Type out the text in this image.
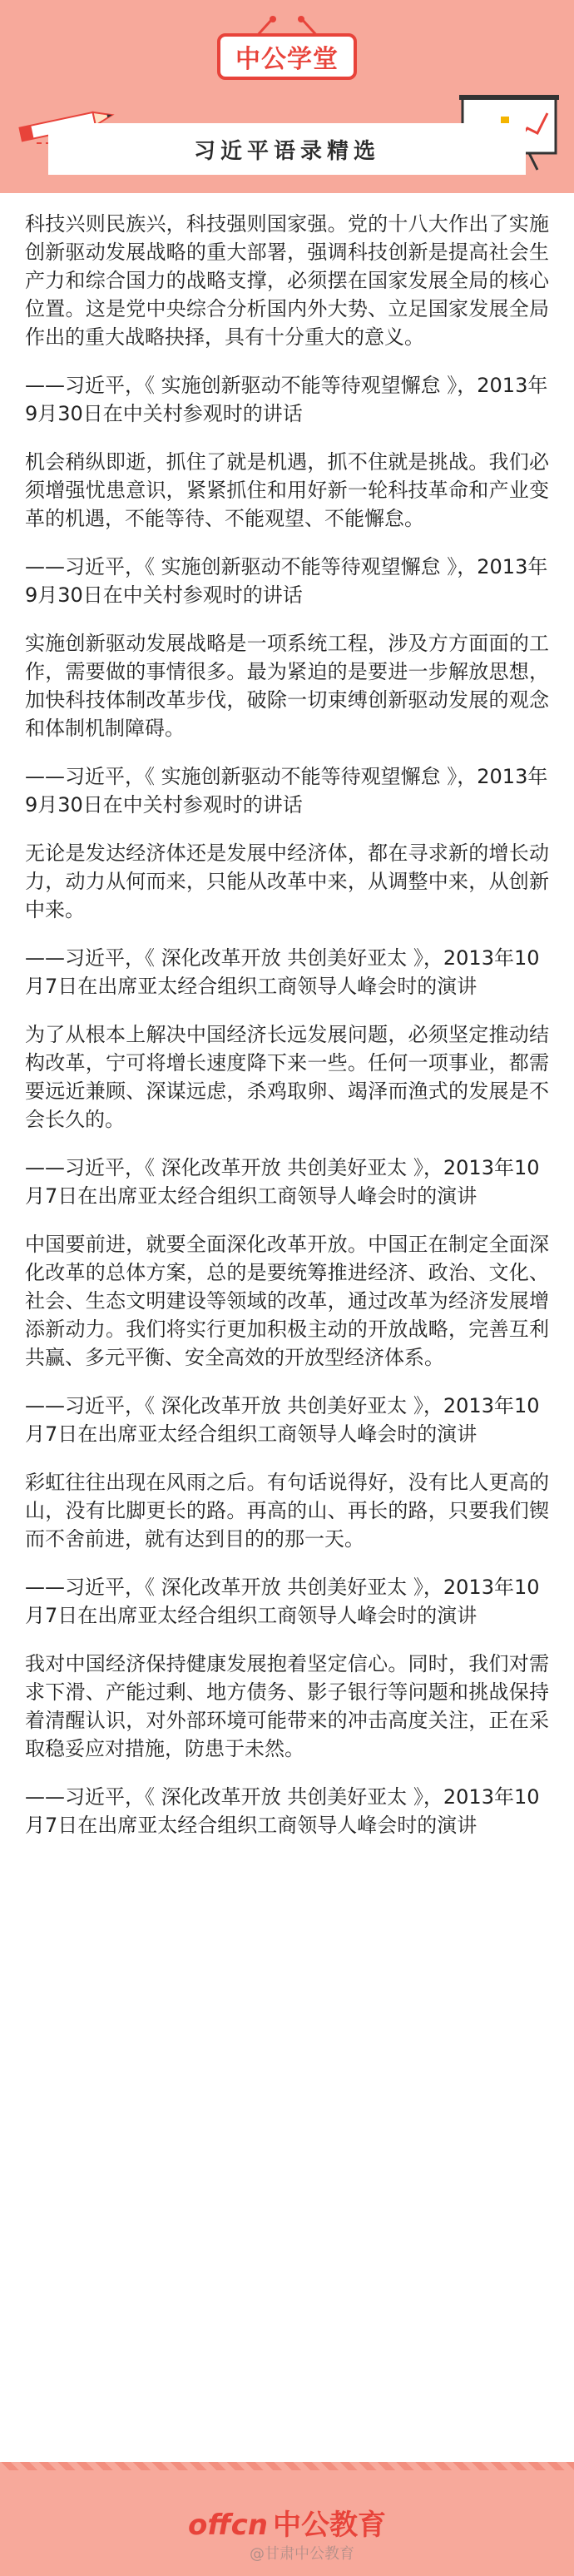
中公学堂
习近平语录精选

科技兴则民族兴，科技强则国家强。党的十八大作出了实施创新驱动发展战略的重大部署，强调科技创新是提高社会生产力和综合国力的战略支撑，必须摆在国家发展全局的核心位置。这是党中央综合分析国内外大势、立足国家发展全局作出的重大战略抉择，具有十分重大的意义。

——习近平，《 实施创新驱动不能等待观望懈怠 》，2013年9月30日在中关村参观时的讲话

机会稍纵即逝，抓住了就是机遇，抓不住就是挑战。我们必须增强忧患意识，紧紧抓住和用好新一轮科技革命和产业变革的机遇，不能等待、不能观望、不能懈怠。

——习近平，《 实施创新驱动不能等待观望懈怠 》，2013年9月30日在中关村参观时的讲话

实施创新驱动发展战略是一项系统工程，涉及方方面面的工作，需要做的事情很多。最为紧迫的是要进一步解放思想，加快科技体制改革步伐，破除一切束缚创新驱动发展的观念和体制机制障碍。

——习近平，《 实施创新驱动不能等待观望懈怠 》，2013年9月30日在中关村参观时的讲话

无论是发达经济体还是发展中经济体，都在寻求新的增长动力，动力从何而来，只能从改革中来，从调整中来，从创新中来。

——习近平，《 深化改革开放 共创美好亚太 》，2013年10月7日在出席亚太经合组织工商领导人峰会时的演讲

为了从根本上解决中国经济长远发展问题，必须坚定推动结构改革，宁可将增长速度降下来一些。任何一项事业，都需要远近兼顾、深谋远虑，杀鸡取卵、竭泽而渔式的发展是不会长久的。

——习近平，《 深化改革开放 共创美好亚太 》，2013年10月7日在出席亚太经合组织工商领导人峰会时的演讲

中国要前进，就要全面深化改革开放。中国正在制定全面深化改革的总体方案，总的是要统筹推进经济、政治、文化、社会、生态文明建设等领域的改革，通过改革为经济发展增添新动力。我们将实行更加积极主动的开放战略，完善互利共赢、多元平衡、安全高效的开放型经济体系。

——习近平，《 深化改革开放 共创美好亚太 》，2013年10月7日在出席亚太经合组织工商领导人峰会时的演讲

彩虹往往出现在风雨之后。有句话说得好，没有比人更高的山，没有比脚更长的路。再高的山、再长的路，只要我们锲而不舍前进，就有达到目的的那一天。

——习近平，《 深化改革开放 共创美好亚太 》，2013年10月7日在出席亚太经合组织工商领导人峰会时的演讲

我对中国经济保持健康发展抱着坚定信心。同时，我们对需求下滑、产能过剩、地方债务、影子银行等问题和挑战保持着清醒认识，对外部环境可能带来的冲击高度关注，正在采取稳妥应对措施，防患于未然。

——习近平，《 深化改革开放 共创美好亚太 》，2013年10月7日在出席亚太经合组织工商领导人峰会时的演讲

offcn 中公教育
@甘肃中公教育
